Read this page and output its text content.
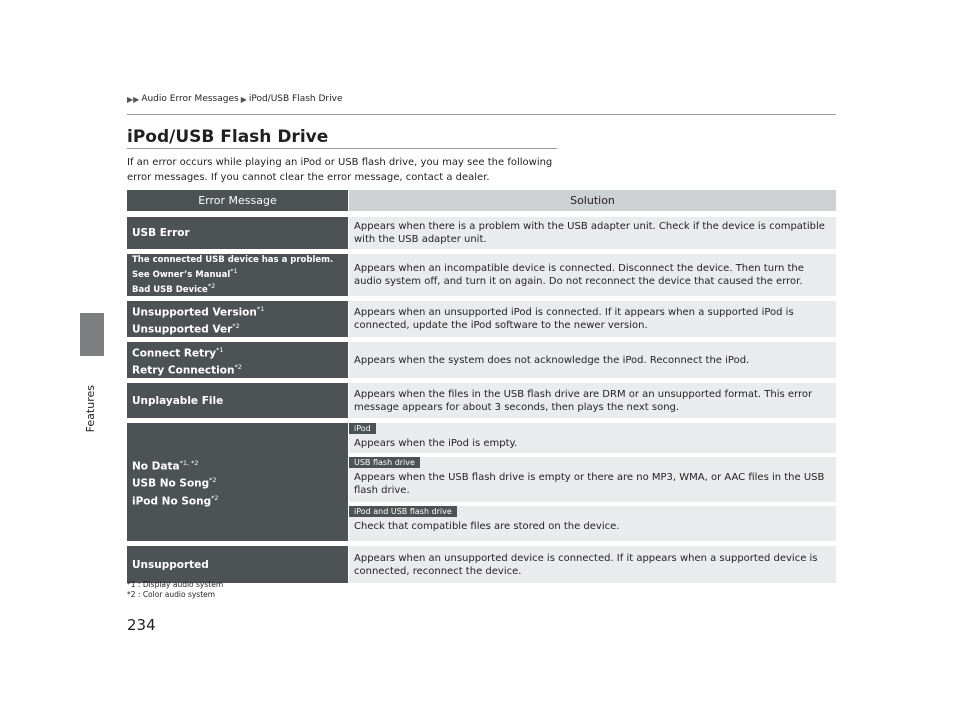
Features
▶▶ Audio Error Messages ▶ iPod/USB Flash Drive
iPod/USB Flash Drive
If an error occurs while playing an iPod or USB flash drive, you may see the following error messages. If you cannot clear the error message, contact a dealer.
Error Message	Solution
USB Error
Appears when there is a problem with the USB adapter unit. Check if the device is compatible with the USB adapter unit.
The connected USB device has a problem.
See Owner’s Manual$^{*1}$
Bad USB Device$^{*2}$
Appears when an incompatible device is connected. Disconnect the device. Then turn the audio system off, and turn it on again. Do not reconnect the device that caused the error.
Unsupported Version$^{*1}$
Unsupported Ver$^{*2}$
Appears when an unsupported iPod is connected. If it appears when a supported iPod is connected, update the iPod software to the newer version.
Connect Retry$^{*1}$
Retry Connection$^{*2}$
Appears when the system does not acknowledge the iPod. Reconnect the iPod.
Unplayable File
Appears when the files in the USB flash drive are DRM or an unsupported format. This error message appears for about 3 seconds, then plays the next song.
No Data$^{*1, *2}$
USB No Song$^{*2}$
iPod No Song$^{*2}$
iPod
Appears when the iPod is empty.
USB flash drive
Appears when the USB flash drive is empty or there are no MP3, WMA, or AAC files in the USB flash drive.
iPod and USB flash drive
Check that compatible files are stored on the device.
Unsupported
Appears when an unsupported device is connected. If it appears when a supported device is connected, reconnect the device.
*1 : Display audio system
*2 : Color audio system
234
